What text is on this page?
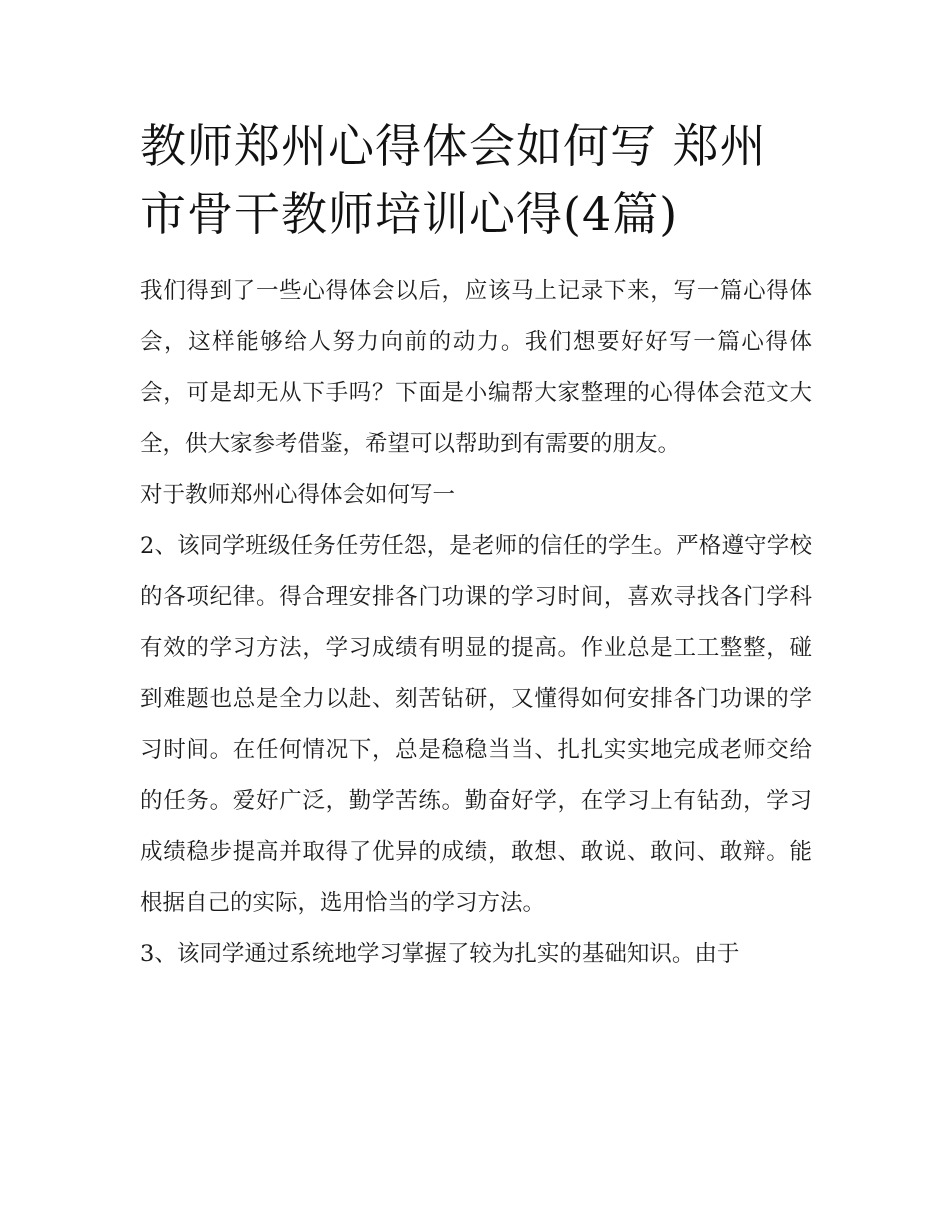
教师郑州心得体会如何写 郑州市骨干教师培训心得(4篇)

我们得到了一些心得体会以后，应该马上记录下来，写一篇心得体会，这样能够给人努力向前的动力。我们想要好好写一篇心得体会，可是却无从下手吗？下面是小编帮大家整理的心得体会范文大全，供大家参考借鉴，希望可以帮助到有需要的朋友。

对于教师郑州心得体会如何写一

2、该同学班级任务任劳任怨，是老师的信任的学生。严格遵守学校的各项纪律。得合理安排各门功课的学习时间，喜欢寻找各门学科有效的学习方法，学习成绩有明显的提高。作业总是工工整整，碰到难题也总是全力以赴、刻苦钻研，又懂得如何安排各门功课的学习时间。在任何情况下，总是稳稳当当、扎扎实实地完成老师交给的任务。爱好广泛，勤学苦练。勤奋好学，在学习上有钻劲，学习成绩稳步提高并取得了优异的成绩，敢想、敢说、敢问、敢辩。能根据自己的实际，选用恰当的学习方法。

3、该同学通过系统地学习掌握了较为扎实的基础知识。由于
